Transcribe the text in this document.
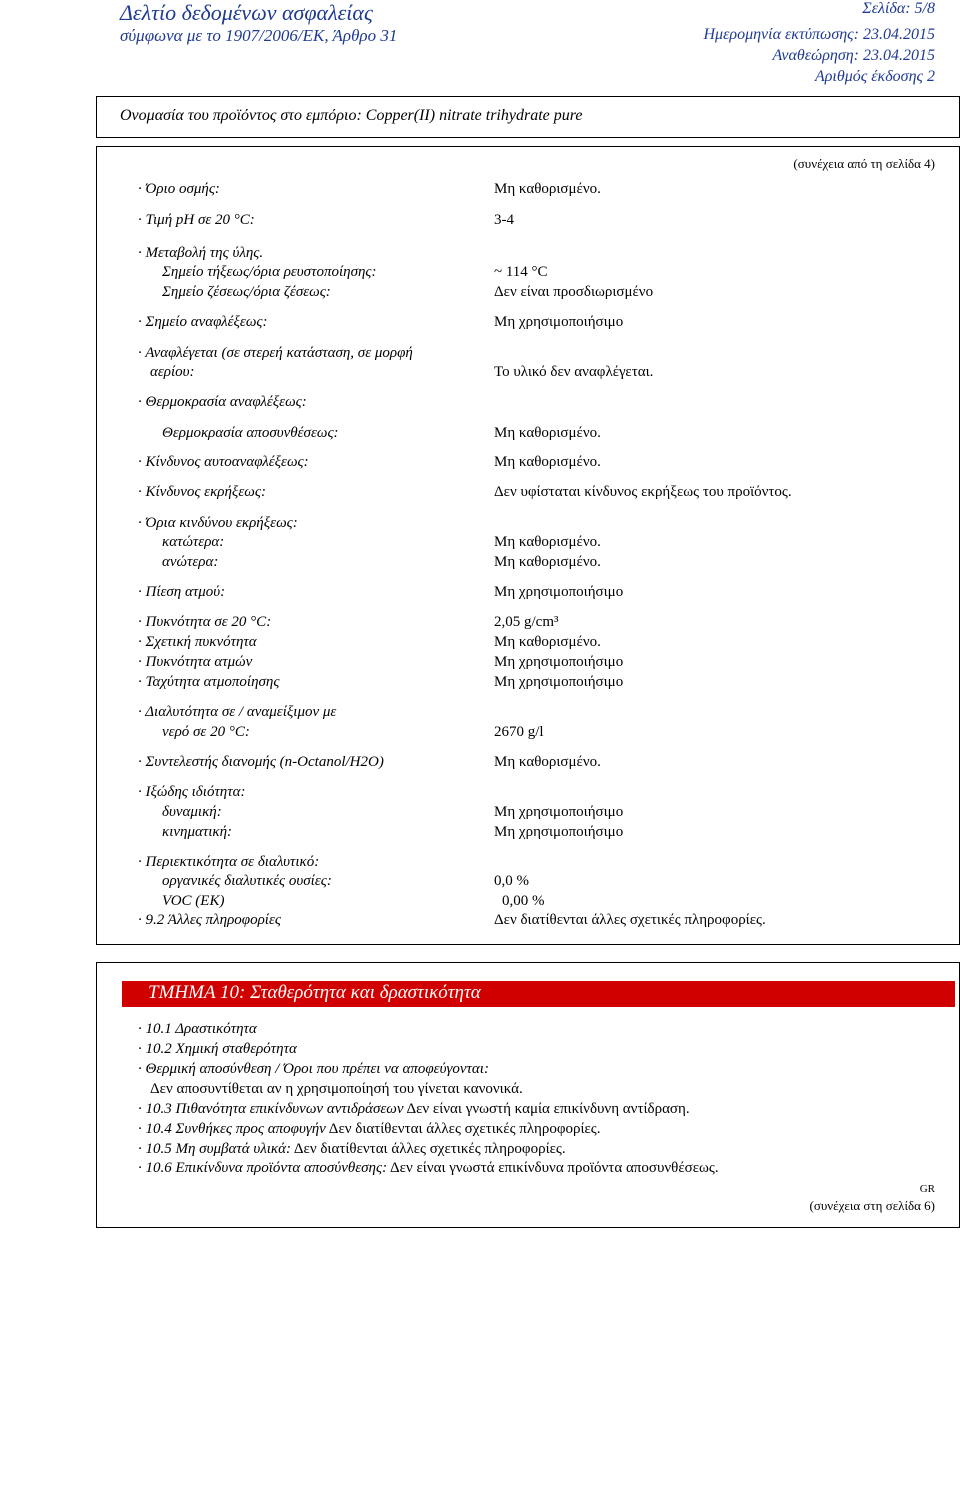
Δελτίο δεδομένων ασφαλείας
σύμφωνα με το 1907/2006/ΕΚ, Άρθρο 31
Σελίδα: 5/8
Ημερομηνία εκτύπωσης: 23.04.2015
Αναθεώρηση: 23.04.2015
Αριθμός έκδοσης 2
Ονομασία του προϊόντος στο εμπόριο: Copper(II) nitrate trihydrate pure
(συνέχεια από τη σελίδα 4)
· Όριο οσμής:	Μη καθορισμένο.
· Τιμή pH σε 20 °C:	3-4
· Μεταβολή της ύλης.
Σημείο τήξεως/όρια ρευστοποίησης:	~ 114 °C
Σημείο ζέσεως/όρια ζέσεως:	Δεν είναι προσδιωρισμένο
· Σημείο αναφλέξεως:	Μη χρησιμοποιήσιμο
· Αναφλέγεται (σε στερεή κατάσταση, σε μορφή
αερίου:	Το υλικό δεν αναφλέγεται.
· Θερμοκρασία αναφλέξεως:
Θερμοκρασία αποσυνθέσεως:	Μη καθορισμένο.
· Κίνδυνος αυτοαναφλέξεως:	Μη καθορισμένο.
· Κίνδυνος εκρήξεως:	Δεν υφίσταται κίνδυνος εκρήξεως του προϊόντος.
· Όρια κινδύνου εκρήξεως:
κατώτερα:	Μη καθορισμένο.
ανώτερα:	Μη καθορισμένο.
· Πίεση ατμού:	Μη χρησιμοποιήσιμο
· Πυκνότητα σε 20 °C:	2,05 g/cm³
· Σχετική πυκνότητα	Μη καθορισμένο.
· Πυκνότητα ατμών	Μη χρησιμοποιήσιμο
· Ταχύτητα ατμοποίησης	Μη χρησιμοποιήσιμο
· Διαλυτότητα σε / αναμείξιμον με
νερό σε 20 °C:	2670 g/l
· Συντελεστής διανομής (n-Octanol/H2O)	Μη καθορισμένο.
· Ιξώδης ιδιότητα:
δυναμική:	Μη χρησιμοποιήσιμο
κινηματική:	Μη χρησιμοποιήσιμο
· Περιεκτικότητα σε διαλυτικό:
οργανικές διαλυτικές ουσίες:	0,0 %
VOC (EΚ)	0,00 %
· 9.2 Άλλες πληροφορίες	Δεν διατίθενται άλλες σχετικές πληροφορίες.
ΤΜΗΜΑ 10: Σταθερότητα και δραστικότητα
· 10.1 Δραστικότητα
· 10.2 Χημική σταθερότητα
· Θερμική αποσύνθεση / Όροι που πρέπει να αποφεύγονται:
Δεν αποσυντίθεται αν η χρησιμοποίησή του γίνεται κανονικά.
· 10.3 Πιθανότητα επικίνδυνων αντιδράσεων Δεν είναι γνωστή καμία επικίνδυνη αντίδραση.
· 10.4 Συνθήκες προς αποφυγήν Δεν διατίθενται άλλες σχετικές πληροφορίες.
· 10.5 Μη συμβατά υλικά: Δεν διατίθενται άλλες σχετικές πληροφορίες.
· 10.6 Επικίνδυνα προϊόντα αποσύνθεσης: Δεν είναι γνωστά επικίνδυνα προϊόντα αποσυνθέσεως.
GR
(συνέχεια στη σελίδα 6)
